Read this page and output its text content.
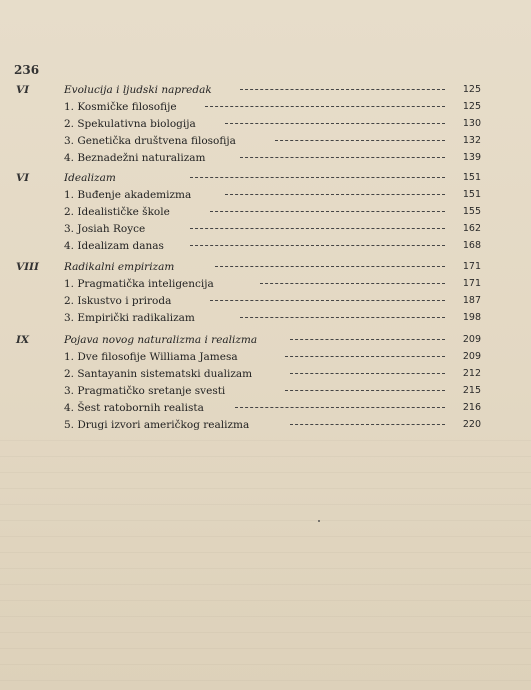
236
VI	Evolucija i ljudski napredak	125
1. Kosmičke filosofije	125
2. Spekulativna biologija	130
3. Genetička društvena filosofija	132
4. Beznadežni naturalizam	139
VI	Idealizam	151
1. Buđenje akademizma	151
2. Idealističke škole	155
3. Josiah Royce	162
4. Idealizam danas	168
VIII Radikalni empirizam	171
1. Pragmatička inteligencija	171
2. Iskustvo i priroda	187
3. Empirički radikalizam	198
IX	Pojava novog naturalizma i realizma	209
1. Dve filosofije Williama Jamesa	209
2. Santayanin sistematski dualizam	212
3. Pragmatičko sretanje svesti	215
4. Šest ratobornih realista	216
5. Drugi izvori američkog realizma	220
